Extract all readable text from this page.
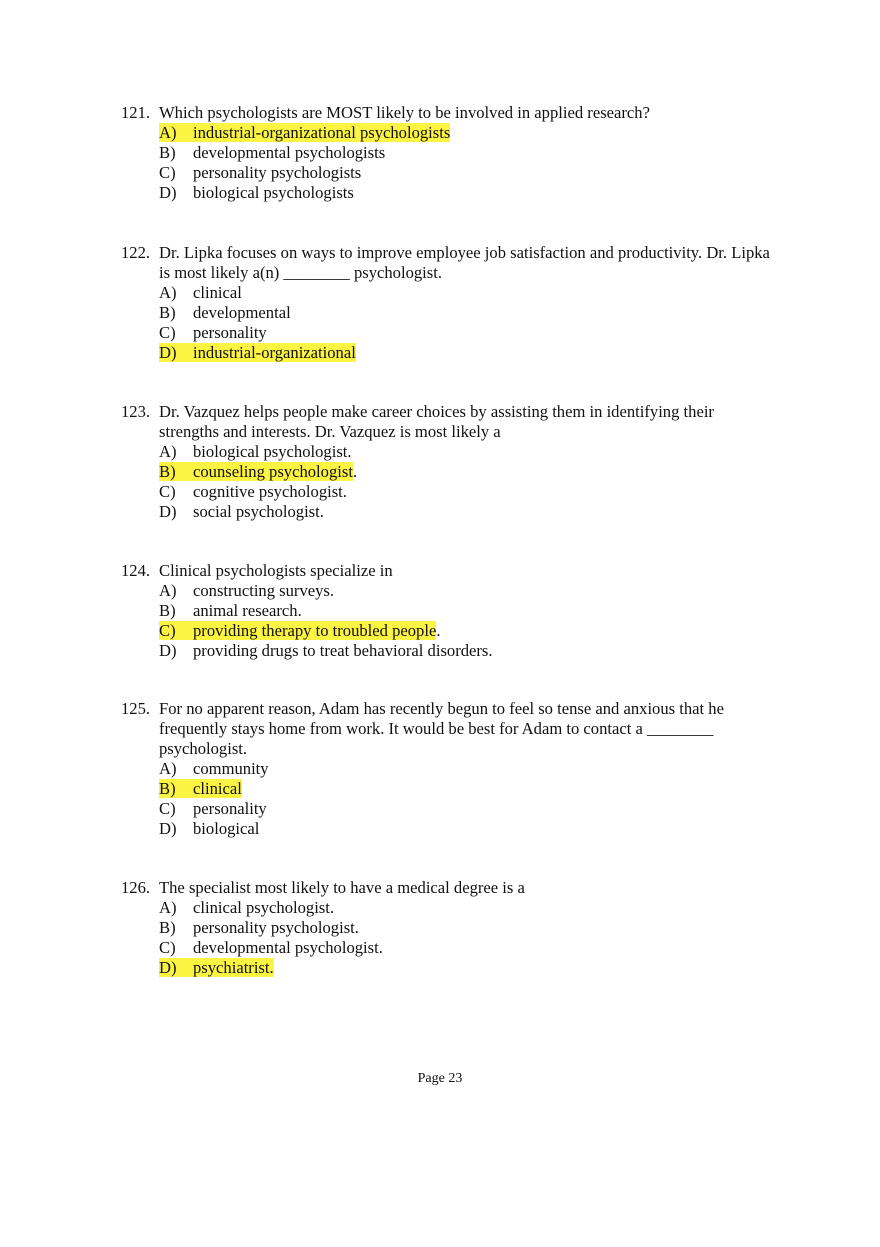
121. Which psychologists are MOST likely to be involved in applied research?
A) industrial-organizational psychologists
B) developmental psychologists
C) personality psychologists
D) biological psychologists
122. Dr. Lipka focuses on ways to improve employee job satisfaction and productivity. Dr. Lipka is most likely a(n) ________ psychologist.
A) clinical
B) developmental
C) personality
D) industrial-organizational
123. Dr. Vazquez helps people make career choices by assisting them in identifying their strengths and interests. Dr. Vazquez is most likely a
A) biological psychologist.
B) counseling psychologist.
C) cognitive psychologist.
D) social psychologist.
124. Clinical psychologists specialize in
A) constructing surveys.
B) animal research.
C) providing therapy to troubled people.
D) providing drugs to treat behavioral disorders.
125. For no apparent reason, Adam has recently begun to feel so tense and anxious that he frequently stays home from work. It would be best for Adam to contact a ________ psychologist.
A) community
B) clinical
C) personality
D) biological
126. The specialist most likely to have a medical degree is a
A) clinical psychologist.
B) personality psychologist.
C) developmental psychologist.
D) psychiatrist.
Page 23
